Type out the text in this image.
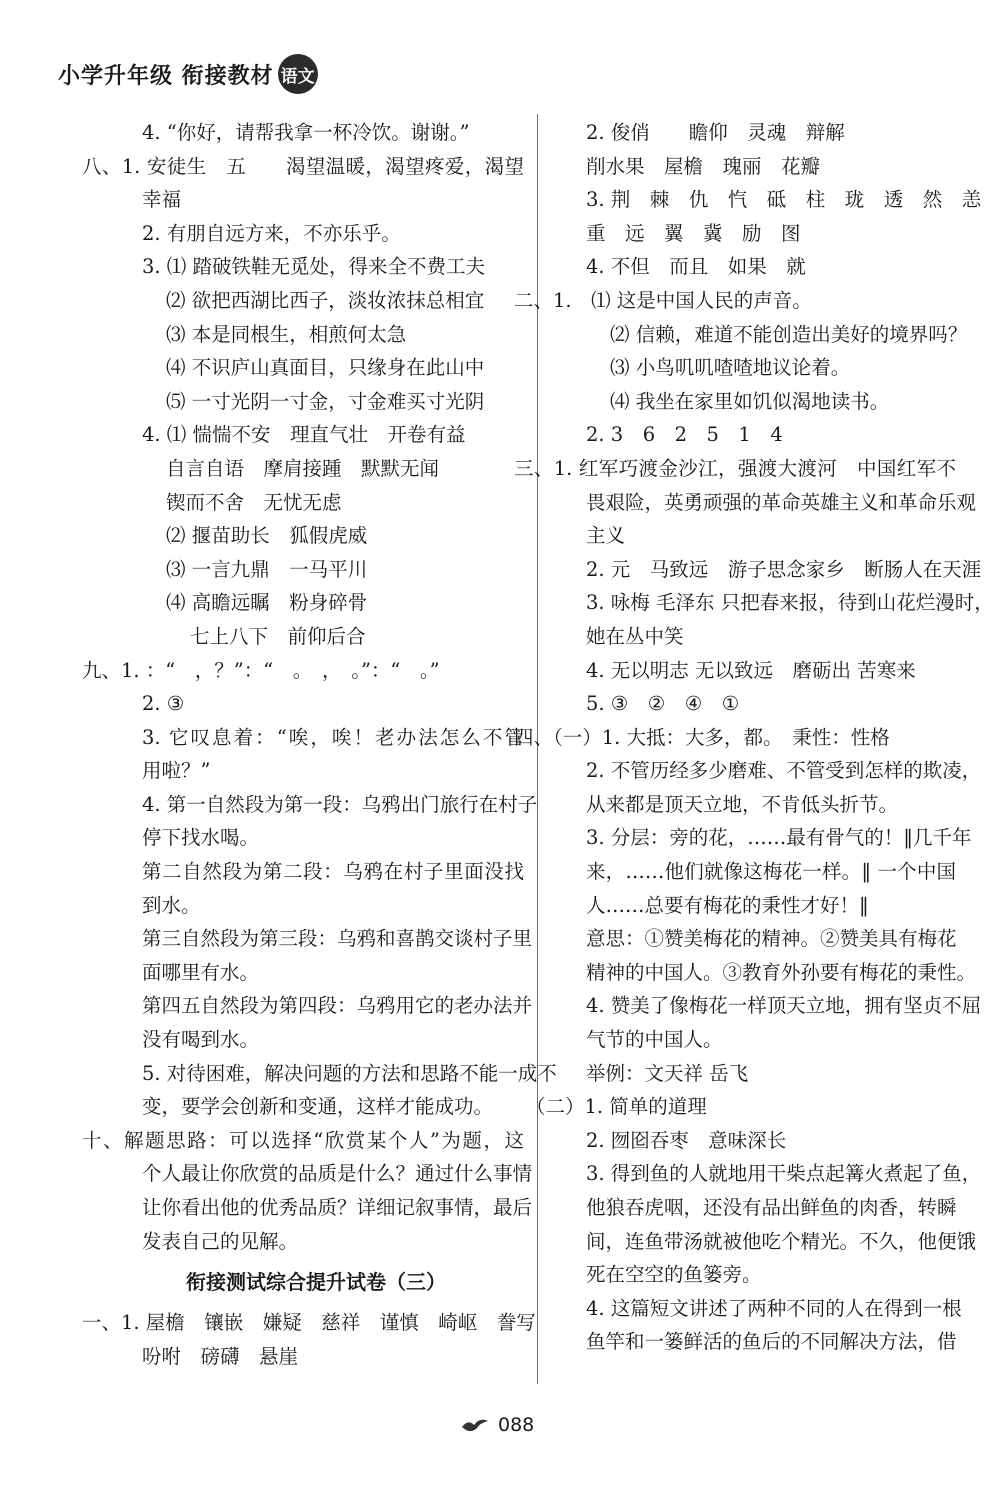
小学升年级 衔接教材 语文
4. “你好，请帮我拿一杯冷饮。谢谢。”
八、1. 安徒生　五　　渴望温暖，渴望疼爱，渴望
幸福
2. 有朋自远方来，不亦乐乎。
3. ⑴ 踏破铁鞋无觅处，得来全不费工夫
⑵ 欲把西湖比西子，淡妆浓抹总相宜
⑶ 本是同根生，相煎何太急
⑷ 不识庐山真面目，只缘身在此山中
⑸ 一寸光阴一寸金，寸金难买寸光阴
4. ⑴ 惴惴不安　理直气壮　开卷有益
自言自语　摩肩接踵　默默无闻
锲而不舍　无忧无虑
⑵ 揠苗助长　狐假虎威
⑶ 一言九鼎　一马平川
⑷ 高瞻远瞩　粉身碎骨
七上八下　前仰后合
九、1. ：“　，？”：“　。　，　。”：“　。”
2. ③
3. 它叹息着：“唉，唉！老办法怎么不管
用啦？”
4. 第一自然段为第一段：乌鸦出门旅行在村子
停下找水喝。
第二自然段为第二段：乌鸦在村子里面没找
到水。
第三自然段为第三段：乌鸦和喜鹊交谈村子里
面哪里有水。
第四五自然段为第四段：乌鸦用它的老办法并
没有喝到水。
5. 对待困难，解决问题的方法和思路不能一成不
变，要学会创新和变通，这样才能成功。
十、解题思路：可以选择“欣赏某个人”为题，这
个人最让你欣赏的品质是什么？通过什么事情
让你看出他的优秀品质？详细记叙事情，最后
发表自己的见解。
衔接测试综合提升试卷（三）
一、1. 屋檐　镶嵌　嫌疑　慈祥　谨慎　崎岖　誊写
吩咐　磅礴　悬崖
2. 俊俏　　瞻仰　灵魂　辩解
削水果　屋檐　瑰丽　花瓣
3. 荆　棘　仇　忾　砥　柱　珑　透　然　恙
重　远　翼　冀　励　图
4. 不但　而且　如果　就
二、1.　⑴ 这是中国人民的声音。
⑵ 信赖，难道不能创造出美好的境界吗？
⑶ 小鸟叽叽喳喳地议论着。
⑷ 我坐在家里如饥似渴地读书。
2. 3　6　2　5　1　4
三、1. 红军巧渡金沙江，强渡大渡河　中国红军不
畏艰险，英勇顽强的革命英雄主义和革命乐观
主义
2. 元　马致远　游子思念家乡　断肠人在天涯
3. 咏梅 毛泽东 只把春来报，待到山花烂漫时，
她在丛中笑
4. 无以明志 无以致远　磨砺出 苦寒来
5. ③　②　④　①
四、（一）1. 大抵：大多，都。　秉性：性格
2. 不管历经多少磨难、不管受到怎样的欺凌，
从来都是顶天立地，不肯低头折节。
3. 分层：旁的花，……最有骨气的！‖几千年
来，……他们就像这梅花一样。‖ 一个中国
人……总要有梅花的秉性才好！‖
意思：①赞美梅花的精神。②赞美具有梅花
精神的中国人。③教育外孙要有梅花的秉性。
4. 赞美了像梅花一样顶天立地，拥有坚贞不屈
气节的中国人。
举例：文天祥 岳飞
（二）1. 简单的道理
2. 囫囵吞枣　意味深长
3. 得到鱼的人就地用干柴点起篝火煮起了鱼，
他狼吞虎咽，还没有品出鲜鱼的肉香，转瞬
间，连鱼带汤就被他吃个精光。不久，他便饿
死在空空的鱼篓旁。
4. 这篇短文讲述了两种不同的人在得到一根
鱼竿和一篓鲜活的鱼后的不同解决方法，借
088
